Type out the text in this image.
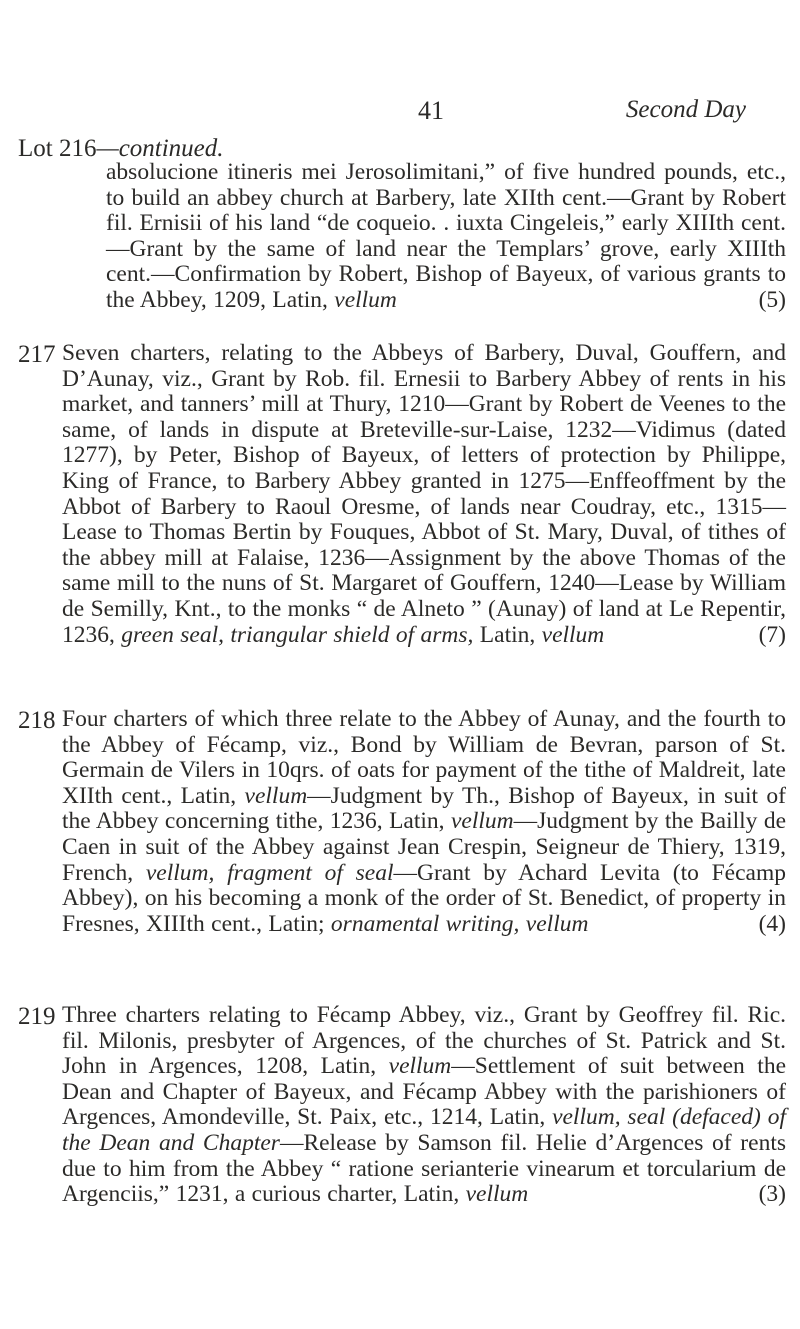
41	Second Day
Lot 216—continued.
absolucione itineris mei Jerosolimitani,” of five hundred pounds, etc., to build an abbey church at Barbery, late XIIth cent.—Grant by Robert fil. Ernisii of his land “de coqueio. . iuxta Cingeleis,” early XIIIth cent.—Grant by the same of land near the Templars’ grove, early XIIIth cent.—Confirmation by Robert, Bishop of Bayeux, of various grants to the Abbey, 1209, Latin, vellum	(5)
217 Seven charters, relating to the Abbeys of Barbery, Duval, Gouffern, and D’Aunay, viz., Grant by Rob. fil. Ernesii to Barbery Abbey of rents in his market, and tanners’ mill at Thury, 1210—Grant by Robert de Veenes to the same, of lands in dispute at Breteville-sur-Laise, 1232—Vidimus (dated 1277), by Peter, Bishop of Bayeux, of letters of protection by Philippe, King of France, to Barbery Abbey granted in 1275—Enffeoffment by the Abbot of Barbery to Raoul Oresme, of lands near Coudray, etc., 1315—Lease to Thomas Bertin by Fouques, Abbot of St. Mary, Duval, of tithes of the abbey mill at Falaise, 1236—Assignment by the above Thomas of the same mill to the nuns of St. Margaret of Gouffern, 1240—Lease by William de Semilly, Knt., to the monks “ de Alneto ” (Aunay) of land at Le Repentir, 1236, green seal, triangular shield of arms, Latin, vellum	(7)
218 Four charters of which three relate to the Abbey of Aunay, and the fourth to the Abbey of Fécamp, viz., Bond by William de Bevran, parson of St. Germain de Vilers in 10qrs. of oats for payment of the tithe of Maldreit, late XIIth cent., Latin, vellum—Judgment by Th., Bishop of Bayeux, in suit of the Abbey concerning tithe, 1236, Latin, vellum—Judgment by the Bailly de Caen in suit of the Abbey against Jean Crespin, Seigneur de Thiery, 1319, French, vellum, fragment of seal—Grant by Achard Levita (to Fécamp Abbey), on his becoming a monk of the order of St. Benedict, of property in Fresnes, XIIIth cent., Latin; ornamental writing, vellum	(4)
219 Three charters relating to Fécamp Abbey, viz., Grant by Geoffrey fil. Ric. fil. Milonis, presbyter of Argences, of the churches of St. Patrick and St. John in Argences, 1208, Latin, vellum—Settlement of suit between the Dean and Chapter of Bayeux, and Fécamp Abbey with the parishioners of Argences, Amondeville, St. Paix, etc., 1214, Latin, vellum, seal (defaced) of the Dean and Chapter—Release by Samson fil. Helie d’Argences of rents due to him from the Abbey “ ratione serianterie vinearum et torcularium de Argenciis,” 1231, a curious charter, Latin, vellum	(3)
